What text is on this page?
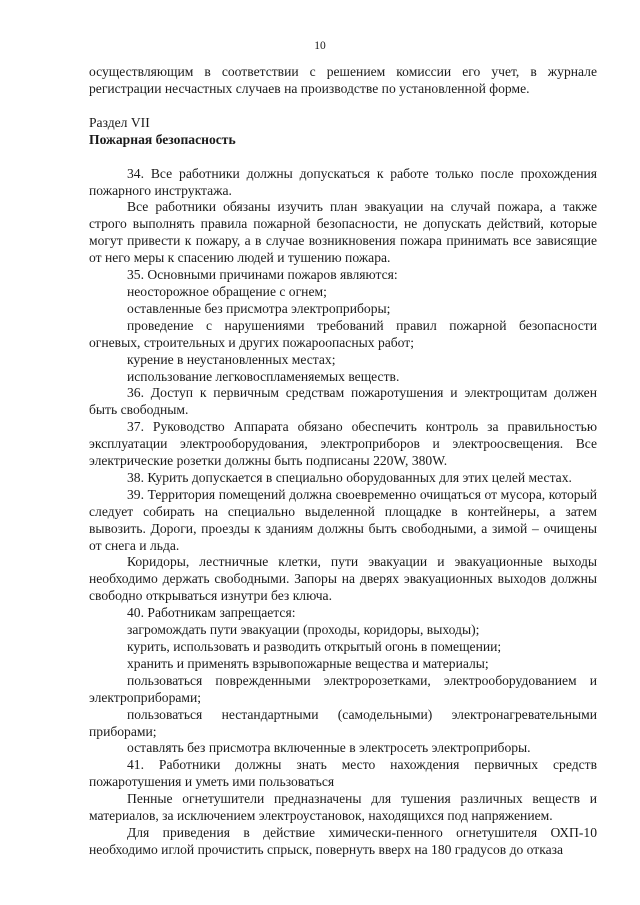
10

осуществляющим в соответствии с решением комиссии его учет, в журнале регистрации несчастных случаев на производстве по установленной форме.

Раздел VII

Пожарная безопасность

34. Все работники должны допускаться к работе только после прохождения пожарного инструктажа.

Все работники обязаны изучить план эвакуации на случай пожара, а также строго выполнять правила пожарной безопасности, не допускать действий, которые могут привести к пожару, а в случае возникновения пожара принимать все зависящие от него меры к спасению людей и тушению пожара.

35. Основными причинами пожаров являются:

неосторожное обращение с огнем;

оставленные без присмотра электроприборы;

проведение с нарушениями требований правил пожарной безопасности огневых, строительных и других пожароопасных работ;

курение в неустановленных местах;

использование легковоспламеняемых веществ.

36. Доступ к первичным средствам пожаротушения и электрощитам должен быть свободным.

37. Руководство Аппарата обязано обеспечить контроль за правильностью эксплуатации электрооборудования, электроприборов и электроосвещения. Все электрические розетки должны быть подписаны 220W, 380W.

38. Курить допускается в специально оборудованных для этих целей местах.

39. Территория помещений должна своевременно очищаться от мусора, который следует собирать на специально выделенной площадке в контейнеры, а затем вывозить. Дороги, проезды к зданиям должны быть свободными, а зимой – очищены от снега и льда.

Коридоры, лестничные клетки, пути эвакуации и эвакуационные выходы необходимо держать свободными. Запоры на дверях эвакуационных выходов должны свободно открываться изнутри без ключа.

40. Работникам запрещается:

загромождать пути эвакуации (проходы, коридоры, выходы);

курить, использовать и разводить открытый огонь в помещении;

хранить и применять взрывопожарные вещества и материалы;

пользоваться поврежденными электророзетками, электрооборудованием и электроприборами;

пользоваться нестандартными (самодельными) электронагревательными приборами;

оставлять без присмотра включенные в электросеть электроприборы.

41. Работники должны знать место нахождения первичных средств пожаротушения и уметь ими пользоваться

Пенные огнетушители предназначены для тушения различных веществ и материалов, за исключением электроустановок, находящихся под напряжением.

Для приведения в действие химически-пенного огнетушителя ОХП-10 необходимо иглой прочистить спрыск, повернуть вверх на 180 градусов до отказа
